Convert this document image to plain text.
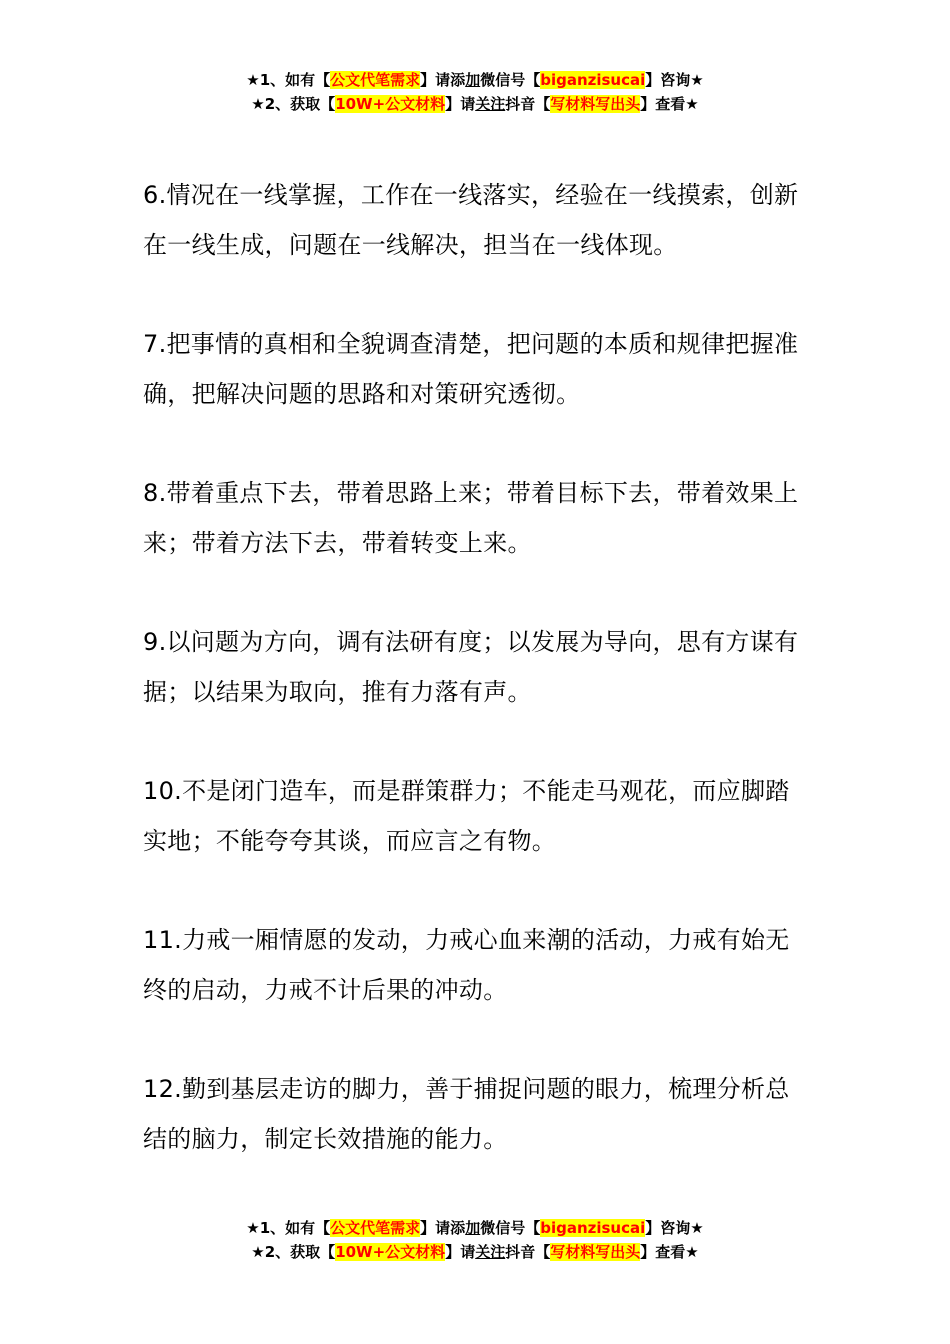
★1、如有【公文代笔需求】请添加微信号【biganzisucai】咨询★
★2、获取【10W+公文材料】请关注抖音【写材料写出头】查看★

6.情况在一线掌握，工作在一线落实，经验在一线摸索，创新在一线生成，问题在一线解决，担当在一线体现。

7.把事情的真相和全貌调查清楚，把问题的本质和规律把握准确，把解决问题的思路和对策研究透彻。

8.带着重点下去，带着思路上来；带着目标下去，带着效果上来；带着方法下去，带着转变上来。

9.以问题为方向，调有法研有度；以发展为导向，思有方谋有据；以结果为取向，推有力落有声。

10.不是闭门造车，而是群策群力；不能走马观花，而应脚踏实地；不能夸夸其谈，而应言之有物。

11.力戒一厢情愿的发动，力戒心血来潮的活动，力戒有始无终的启动，力戒不计后果的冲动。

12.勤到基层走访的脚力，善于捕捉问题的眼力，梳理分析总结的脑力，制定长效措施的能力。

★1、如有【公文代笔需求】请添加微信号【biganzisucai】咨询★
★2、获取【10W+公文材料】请关注抖音【写材料写出头】查看★
